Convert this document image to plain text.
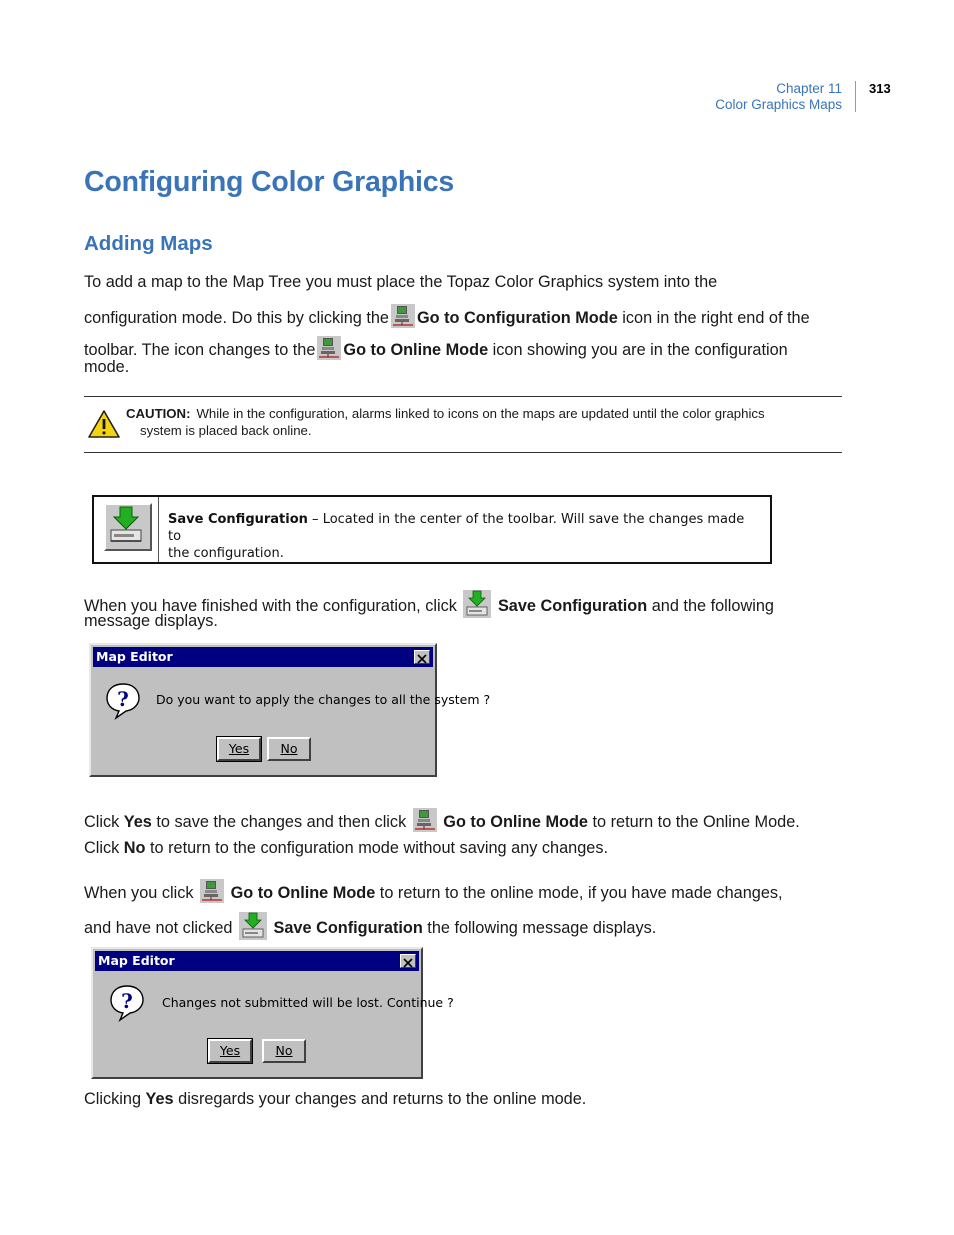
Chapter 11
Color Graphics Maps
313
Configuring Color Graphics
Adding Maps
To add a map to the Map Tree you must place the Topaz Color Graphics system into the
configuration mode. Do this by clicking the Go to Configuration Mode icon in the right end of the
toolbar. The icon changes to the Go to Online Mode icon showing you are in the configuration
mode.
CAUTION: While in the configuration, alarms linked to icons on the maps are updated until the color graphics
system is placed back online.
Save Configuration – Located in the center of the toolbar. Will save the changes made to
the configuration.
When you have finished with the configuration, click	Save Configuration and the following
message displays.
Map Editor
? Do you want to apply the changes to all the system ?
Yes	No
Click Yes to save the changes and then click Go to Online Mode to return to the Online Mode.
Click No to return to the configuration mode without saving any changes.
When you click Go to Online Mode to return to the online mode, if you have made changes,
and have not clicked	Save Configuration the following message displays.
Map Editor
? Changes not submitted will be lost. Continue ?
Yes	No
Clicking Yes disregards your changes and returns to the online mode.
